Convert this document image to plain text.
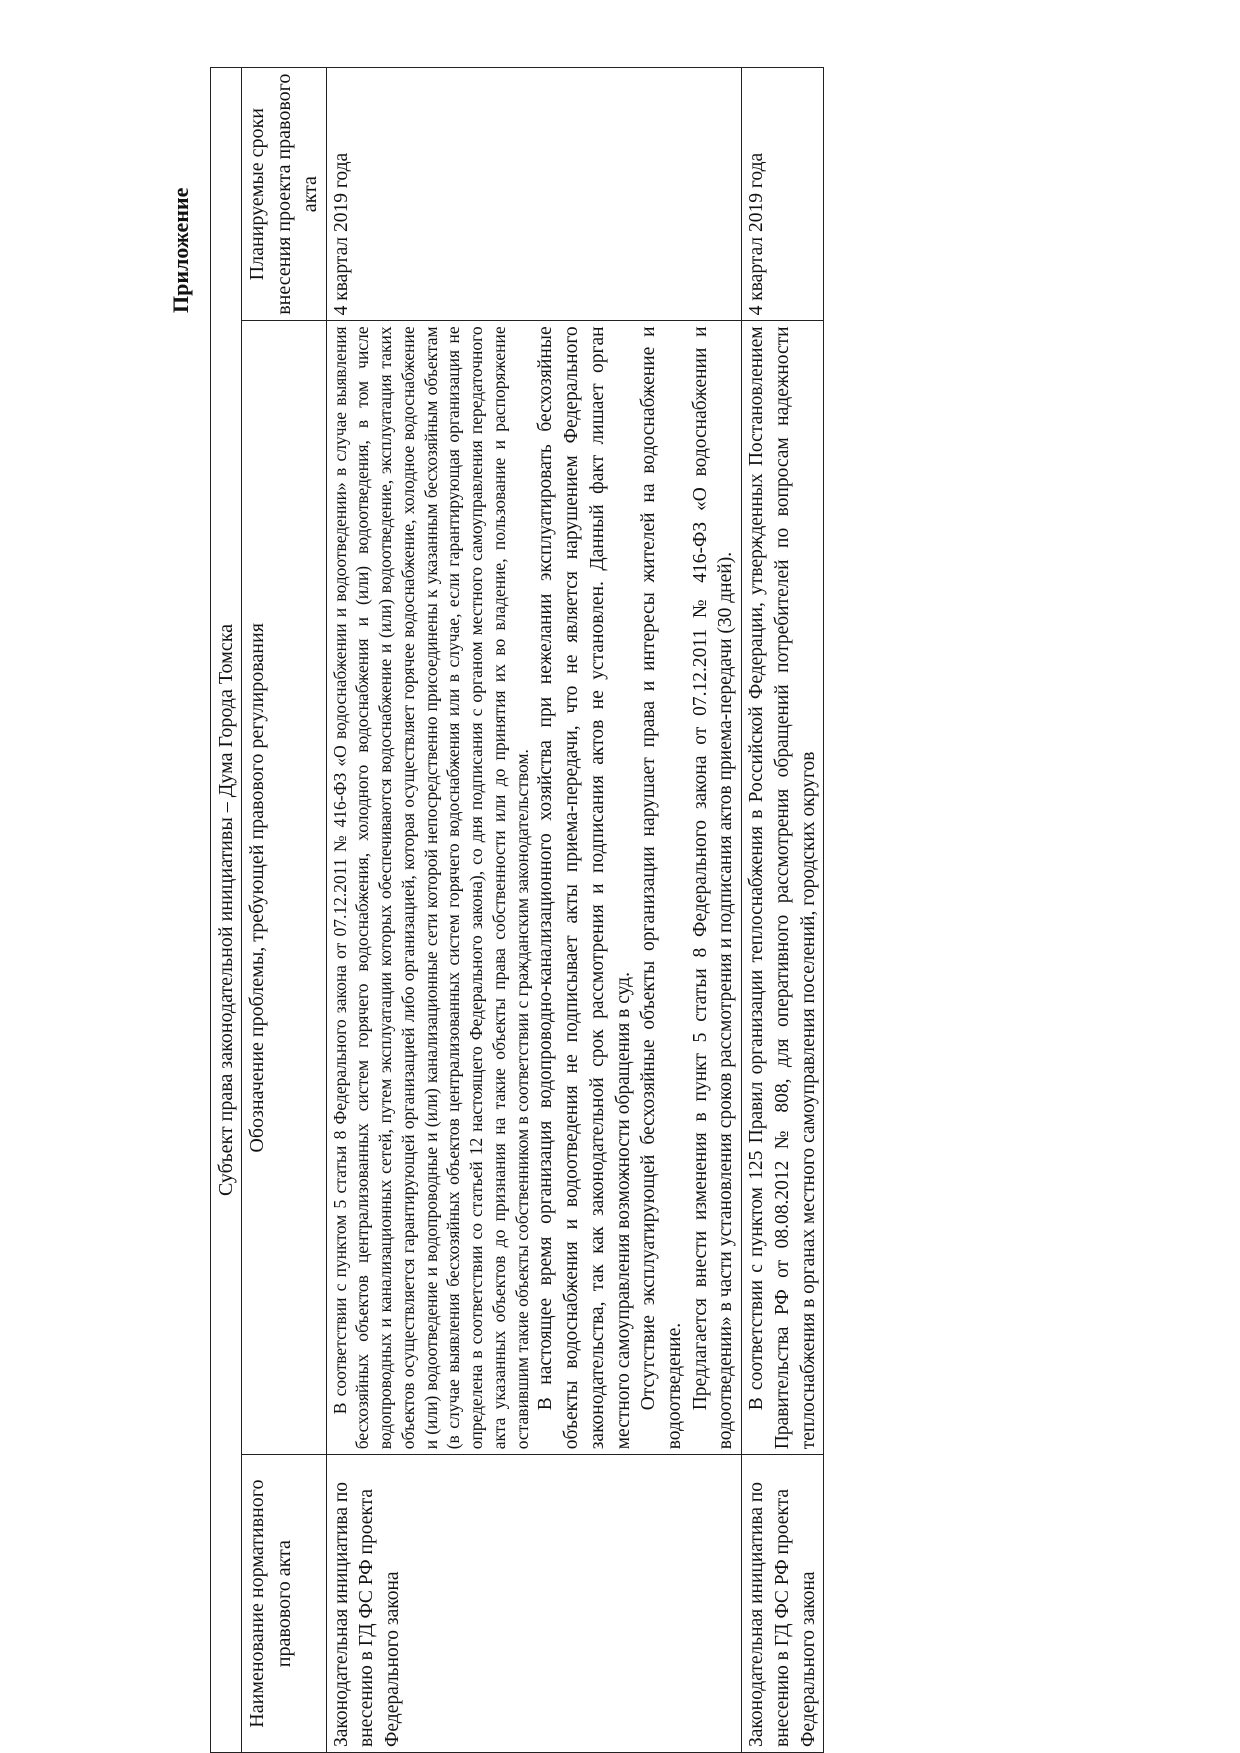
Приложение
Субъект права законодательной инициативы – Дума Города Томска		
Наименование нормативного правового акта	Обозначение проблемы, требующей правового регулирования	Планируемые сроки внесения проекта правового акта
Законодательная инициатива по внесению в ГД ФС РФ проекта Федерального закона	В соответствии с пунктом 5 статьи 8 Федерального закона от 07.12.2011 № 416-ФЗ «О водоснабжении и водоотведении» в случае выявления бесхозяйных объектов централизованных систем горячего водоснабжения, холодного водоснабжения и (или) водоотведения, в том числе водопроводных и канализационных сетей, путем эксплуатации которых обеспечиваются водоснабжение и (или) водоотведение, эксплуатация таких объектов осуществляется гарантирующей организацией либо организацией, которая осуществляет горячее водоснабжение, холодное водоснабжение и (или) водоотведение и водопроводные и (или) канализационные сети которой непосредственно присоединены к указанным бесхозяйным объектам (в случае выявления бесхозяйных объектов централизованных систем горячего водоснабжения или в случае, если гарантирующая организация не определена в соответствии со статьей 12 настоящего Федерального закона), со дня подписания с органом местного самоуправления передаточного акта указанных объектов до признания на такие объекты права собственности или до принятия их во владение, пользование и распоряжение оставившим такие объекты собственником в соответствии с гражданским законодательством. В настоящее время организация водопроводно-канализационного хозяйства при нежелании эксплуатировать бесхозяйные объекты водоснабжения и водоотведения не подписывает акты приема-передачи, что не является нарушением Федерального законодательства, так как законодательной срок рассмотрения и подписания актов не установлен. Данный факт лишает орган местного самоуправления возможности обращения в суд. Отсутствие эксплуатирующей бесхозяйные объекты организации нарушает права и интересы жителей на водоснабжение и водоотведение. Предлагается внести изменения в пункт 5 статьи 8 Федерального закона от 07.12.2011 № 416-ФЗ «О водоснабжении и водоотведении» в части установления сроков рассмотрения и подписания актов приема-передачи (30 дней).	4 квартал 2019 года
Законодательная инициатива по внесению в ГД ФС РФ проекта Федерального закона	В соответствии с пунктом 125 Правил организации теплоснабжения в Российской Федерации, утвержденных Постановлением Правительства РФ от 08.08.2012 № 808, для оперативного рассмотрения обращений потребителей по вопросам надежности теплоснабжения в органах местного самоуправления поселений, городских округов	4 квартал 2019 года
